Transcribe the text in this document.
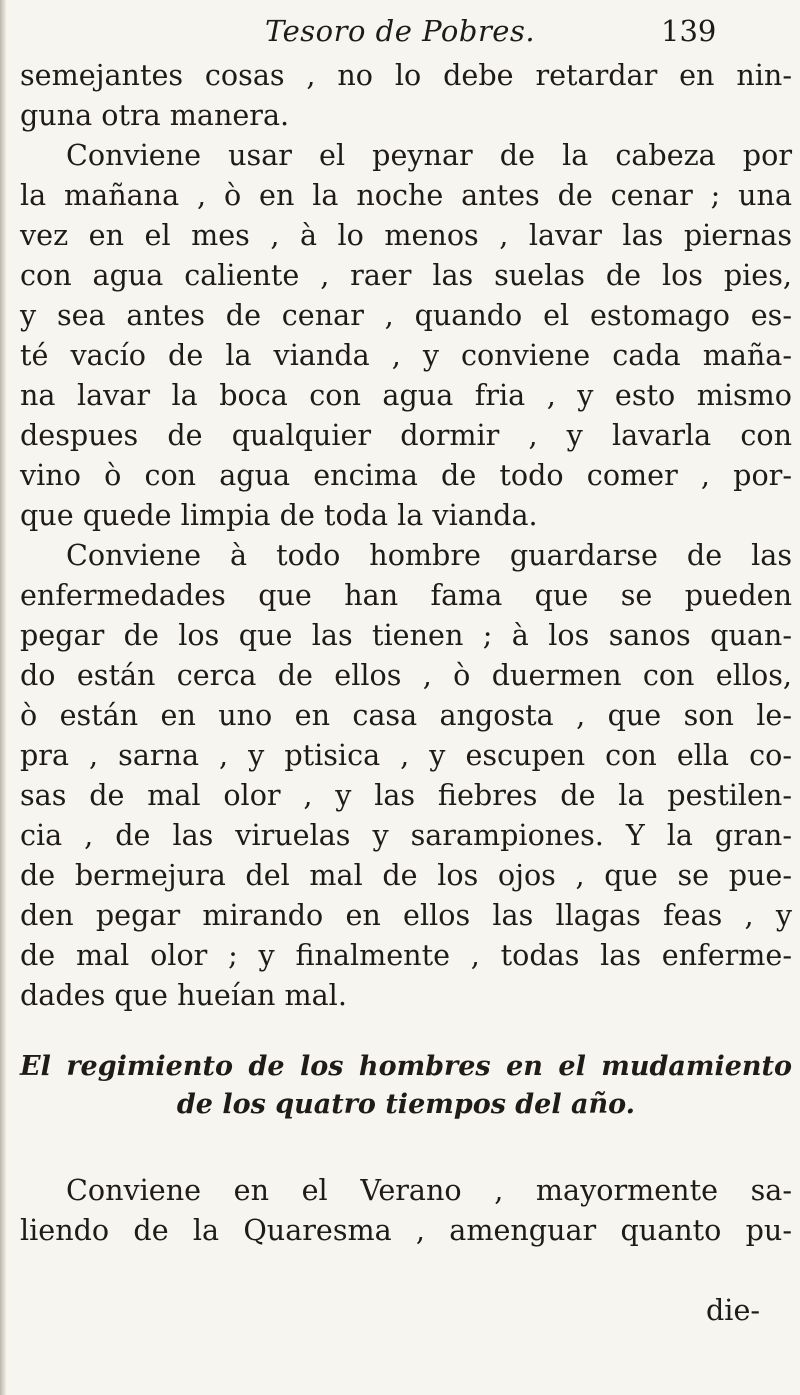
Tesoro de Pobres.	139
semejantes cosas , no lo debe retardar en nin-
guna otra manera.
Conviene usar el peynar de la cabeza por
la mañana , ò en la noche antes de cenar ; una
vez en el mes , à lo menos , lavar las piernas
con agua caliente , raer las suelas de los pies,
y sea antes de cenar , quando el estomago es-
té vacío de la vianda , y conviene cada maña-
na lavar la boca con agua fria , y esto mismo
despues de qualquier dormir , y lavarla con
vino ò con agua encima de todo comer , por-
que quede limpia de toda la vianda.
Conviene à todo hombre guardarse de las
enfermedades que han fama que se pueden
pegar de los que las tienen ; à los sanos quan-
do están cerca de ellos , ò duermen con ellos,
ò están en uno en casa angosta , que son le-
pra , sarna , y ptisica , y escupen con ella co-
sas de mal olor , y las fiebres de la pestilen-
cia , de las viruelas y sarampiones. Y la gran-
de bermejura del mal de los ojos , que se pue-
den pegar mirando en ellos las llagas feas , y
de mal olor ; y finalmente , todas las enferme-
dades que hueían mal.
El regimiento de los hombres en el mudamiento
de los quatro tiempos del año.
Conviene en el Verano , mayormente sa-
liendo de la Quaresma , amenguar quanto pu-
die-
